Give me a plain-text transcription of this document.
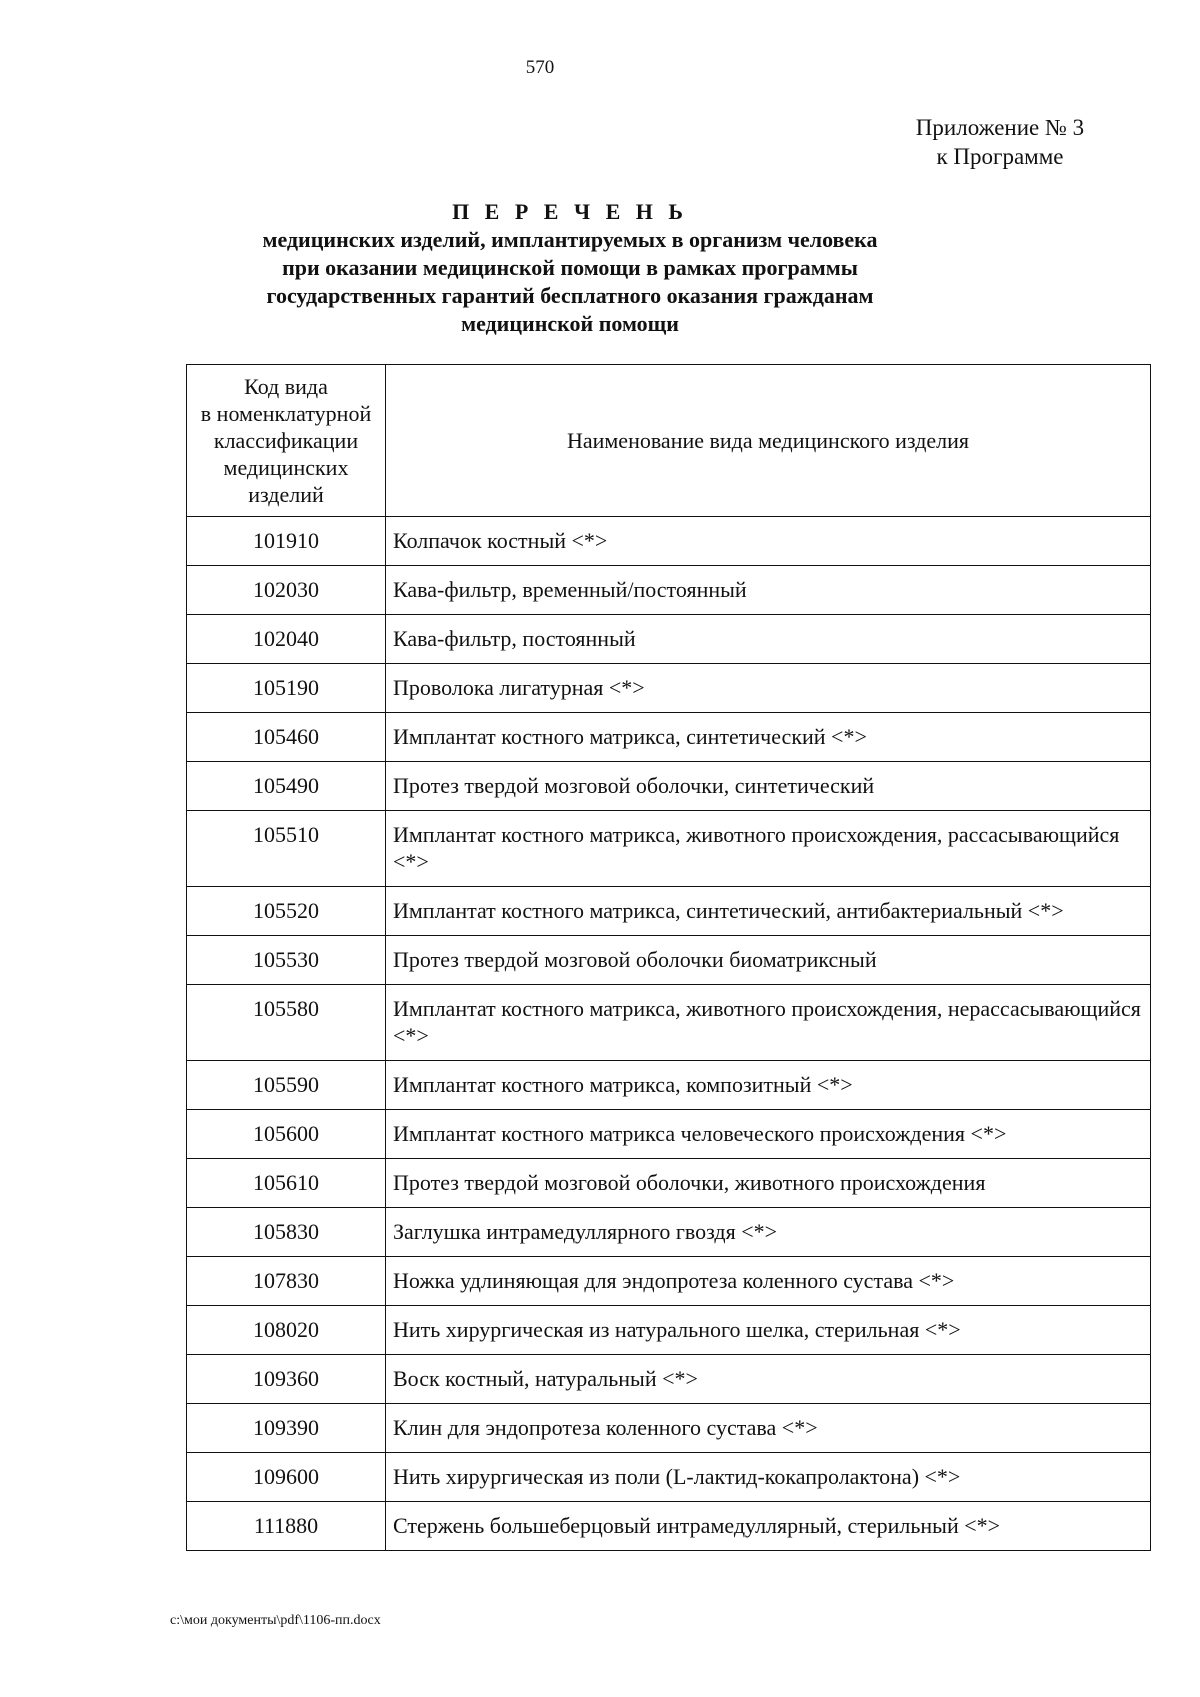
570
Приложение № 3
к Программе
П Е Р Е Ч Е Н Ь
медицинских изделий, имплантируемых в организм человека
при оказании медицинской помощи в рамках программы
государственных гарантий бесплатного оказания гражданам
медицинской помощи
Код вида
в номенклатурной
классификации
медицинских
изделий	Наименование вида медицинского изделия
101910	Колпачок костный <*>
102030	Кава-фильтр, временный/постоянный
102040	Кава-фильтр, постоянный
105190	Проволока лигатурная <*>
105460	Имплантат костного матрикса, синтетический <*>
105490	Протез твердой мозговой оболочки, синтетический
105510	Имплантат костного матрикса, животного происхождения, рассасывающийся <*>
105520	Имплантат костного матрикса, синтетический, антибактериальный <*>
105530	Протез твердой мозговой оболочки биоматриксный
105580	Имплантат костного матрикса, животного происхождения, нерассасывающийся <*>
105590	Имплантат костного матрикса, композитный <*>
105600	Имплантат костного матрикса человеческого происхождения <*>
105610	Протез твердой мозговой оболочки, животного происхождения
105830	Заглушка интрамедуллярного гвоздя <*>
107830	Ножка удлиняющая для эндопротеза коленного сустава <*>
108020	Нить хирургическая из натурального шелка, стерильная <*>
109360	Воск костный, натуральный <*>
109390	Клин для эндопротеза коленного сустава <*>
109600	Нить хирургическая из поли (L-лактид-кокапролактона) <*>
111880	Стержень большеберцовый интрамедуллярный, стерильный <*>
c:\мои документы\pdf\1106-пп.docx
